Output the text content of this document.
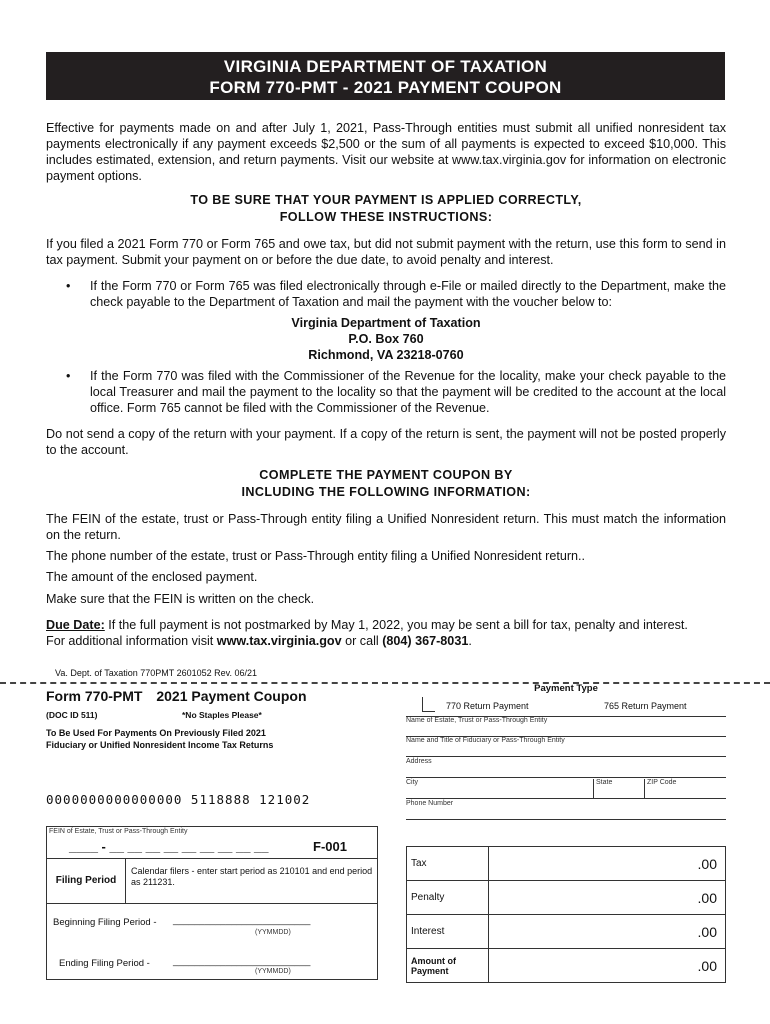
VIRGINIA DEPARTMENT OF TAXATION
FORM 770-PMT - 2021 PAYMENT COUPON
Effective for payments made on and after July 1, 2021, Pass-Through entities must submit all unified nonresident tax payments electronically if any payment exceeds $2,500 or the sum of all payments is expected to exceed $10,000. This includes estimated, extension, and return payments. Visit our website at www.tax.virginia.gov for information on electronic payment options.
TO BE SURE THAT YOUR PAYMENT IS APPLIED CORRECTLY,
FOLLOW THESE INSTRUCTIONS:
If you filed a 2021 Form 770 or Form 765 and owe tax, but did not submit payment with the return, use this form to send in tax payment. Submit your payment on or before the due date, to avoid penalty and interest.
• If the Form 770 or Form 765 was filed electronically through e-File or mailed directly to the Department, make the check payable to the Department of Taxation and mail the payment with the voucher below to:
Virginia Department of Taxation
P.O. Box 760
Richmond, VA 23218-0760
• If the Form 770 was filed with the Commissioner of the Revenue for the locality, make your check payable to the local Treasurer and mail the payment to the locality so that the payment will be credited to the account at the local office. Form 765 cannot be filed with the Commissioner of the Revenue.
Do not send a copy of the return with your payment. If a copy of the return is sent, the payment will not be posted properly to the account.
COMPLETE THE PAYMENT COUPON BY
INCLUDING THE FOLLOWING INFORMATION:
The FEIN of the estate, trust or Pass-Through entity filing a Unified Nonresident return. This must match the information on the return.
The phone number of the estate, trust or Pass-Through entity filing a Unified Nonresident return..
The amount of the enclosed payment.
Make sure that the FEIN is written on the check.
Due Date: If the full payment is not postmarked by May 1, 2022, you may be sent a bill for tax, penalty and interest.
For additional information visit www.tax.virginia.gov or call (804) 367-8031.
Va. Dept. of Taxation 770PMT 2601052 Rev. 06/21
Form 770-PMT 2021 Payment Coupon
(DOC ID 511)	*No Staples Please*
To Be Used For Payments On Previously Filed 2021
Fiduciary or Unified Nonresident Income Tax Returns
0000000000000000 5118888 121002
Payment Type
770 Return Payment	765 Return Payment
Name of Estate, Trust or Pass-Through Entity
Name and Title of Fiduciary or Pass-Through Entity
Address
City	State	ZIP Code
Phone Number
FEIN of Estate, Trust or Pass-Through Entity
____ - __ __ __ __ __ __ __ __ __	F-001
Filing Period
Calendar filers - enter start period as 210101 and end period as 211231.
Beginning Filing Period - __________________________
(YYMMDD)
Ending Filing Period - __________________________
(YYMMDD)
Tax	.00
Penalty	.00
Interest	.00
Amount of Payment	.00
